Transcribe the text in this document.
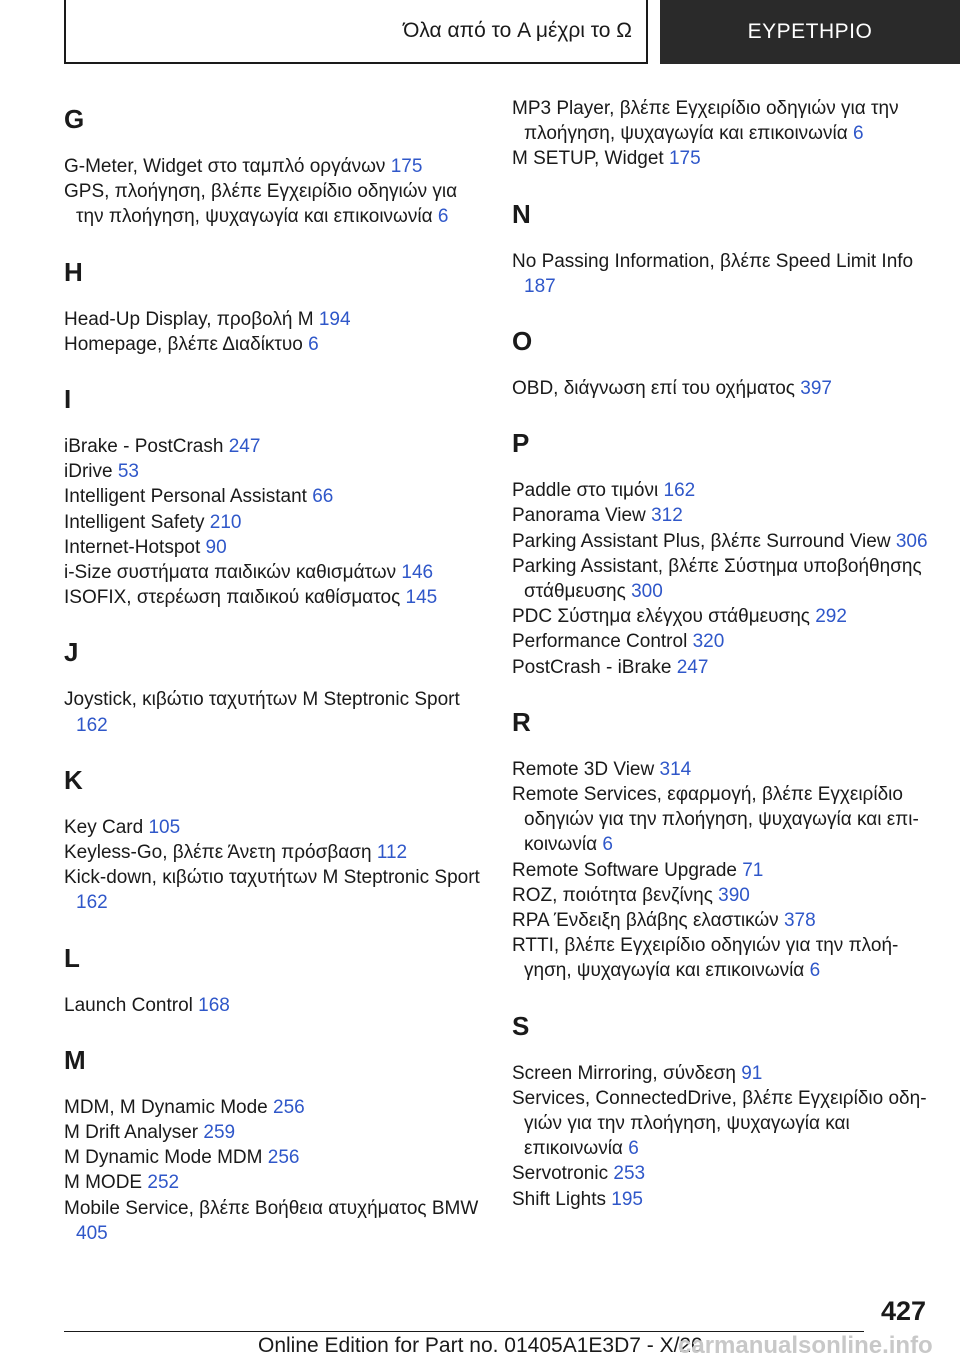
Όλα από το A μέχρι το Ω	ΕΥΡΕΤΗΡΙΟ
G
G-Meter, Widget στο ταμπλό οργάνων 175
GPS, πλοήγηση, βλέπε Εγχειρίδιο οδηγιών για την πλοήγηση, ψυχαγωγία και επικοινωνία 6
H
Head-Up Display, προβολή M 194
Homepage, βλέπε Διαδίκτυο 6
I
iBrake - PostCrash 247
iDrive 53
Intelligent Personal Assistant 66
Intelligent Safety 210
Internet-Hotspot 90
i-Size συστήματα παιδικών καθισμάτων 146
ISOFIX, στερέωση παιδικού καθίσματος 145
J
Joystick, κιβώτιο ταχυτήτων M Steptronic Sport 162
K
Key Card 105
Keyless-Go, βλέπε Άνετη πρόσβαση 112
Kick-down, κιβώτιο ταχυτήτων M Steptronic Sport 162
L
Launch Control 168
M
MDM, M Dynamic Mode 256
M Drift Analyser 259
M Dynamic Mode MDM 256
M MODE 252
Mobile Service, βλέπε Βοήθεια ατυχήματος BMW 405
MP3 Player, βλέπε Εγχειρίδιο οδηγιών για την πλοήγηση, ψυχαγωγία και επικοινωνία 6
M SETUP, Widget 175
N
No Passing Information, βλέπε Speed Limit Info 187
O
OBD, διάγνωση επί του οχήματος 397
P
Paddle στο τιμόνι 162
Panorama View 312
Parking Assistant Plus, βλέπε Surround View 306
Parking Assistant, βλέπε Σύστημα υποβοήθησης στάθμευσης 300
PDC Σύστημα ελέγχου στάθμευσης 292
Performance Control 320
PostCrash - iBrake 247
R
Remote 3D View 314
Remote Services, εφαρμογή, βλέπε Εγχειρίδιο οδηγιών για την πλοήγηση, ψυχαγωγία και επικοινωνία 6
Remote Software Upgrade 71
ROZ, ποιότητα βενζίνης 390
RPA Ένδειξη βλάβης ελαστικών 378
RTTI, βλέπε Εγχειρίδιο οδηγιών για την πλοήγηση, ψυχαγωγία και επικοινωνία 6
S
Screen Mirroring, σύνδεση 91
Services, ConnectedDrive, βλέπε Εγχειρίδιο οδηγιών για την πλοήγηση, ψυχαγωγία και επικοινωνία 6
Servotronic 253
Shift Lights 195
427
Online Edition for Part no. 01405A1E3D7 - X/20
carmanualsonline.info
